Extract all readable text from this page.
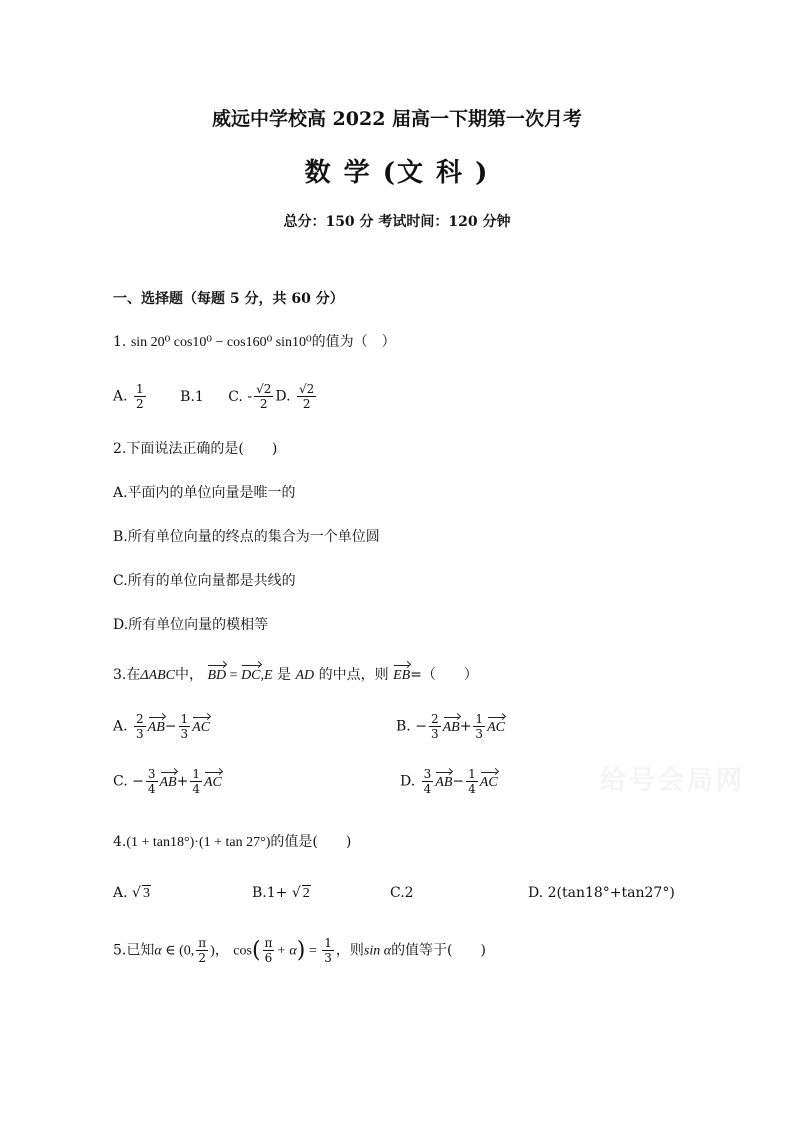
威远中学校高 2022 届高一下期第一次月考
数 学 (文 科 )
总分：150 分 考试时间：120 分钟
一、选择题（每题 5 分，共 60 分）
1. sin 20⁰ cos10⁰ − cos160⁰ sin10⁰的值为（　）
A. $\frac{1}{2} B.1$ C. - $\frac{√2}{2} D$. $\frac{√2}{2}$
2.下面说法正确的是(　　)
A.平面内的单位向量是唯一的
B.所有单位向量的终点的集合为一个单位圆
C.所有的单位向量都是共线的
D.所有单位向量的模相等
3.在ΔABC中， BD = DC,E 是 AD 的中点，则 EB=（　　）
A. $\frac{2}{3} AB- \frac{1}{3}$ AC	B. − $\frac{2}{3} AB+ \frac{1}{3}$ AC
C. − $\frac{3}{4} AB+ \frac{1}{4}$ AC	D. $\frac{3}{4} AB- \frac{1}{4}$ AC	给号会局网
4.(1 + tan18°)·(1 + tan 27°)的值是(　　)
A. √ 3	B.1+ √ 2	C.2	D. 2(tan18°+tan27°)
5.已知α ∈ (0, $\frac{\pi}{2}$ )， $\cos( \frac{\pi}{6} + \alpha) = \frac{1}{3}$ ，则sin α的值等于(　　)
